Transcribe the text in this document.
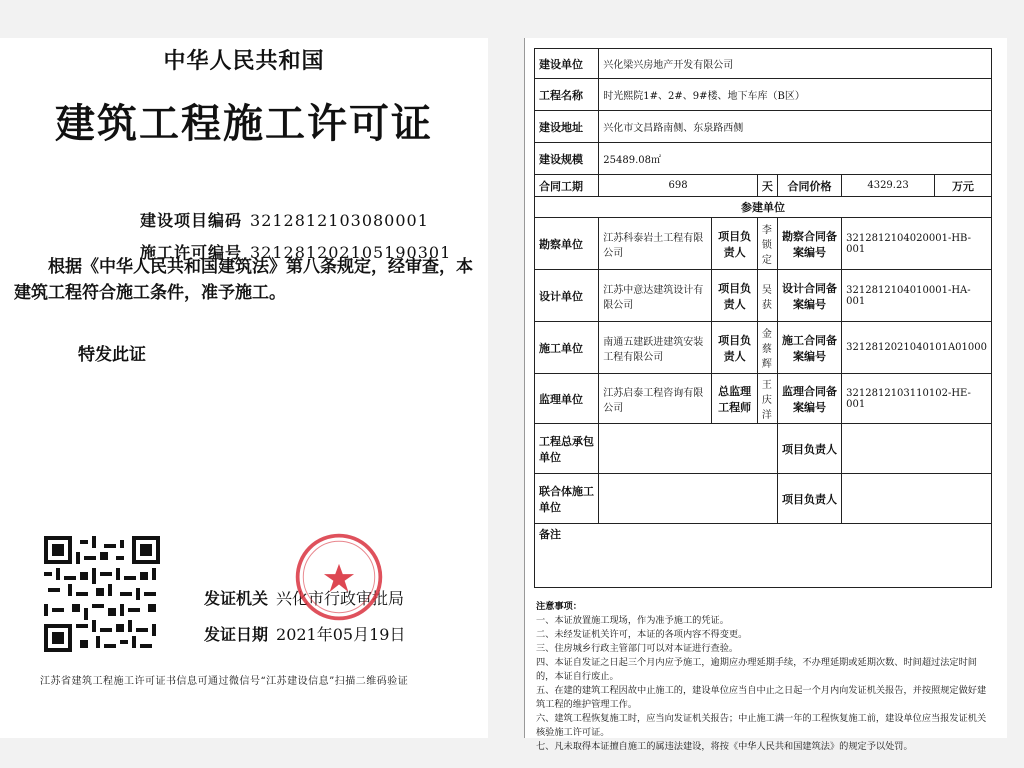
中华人民共和国
建筑工程施工许可证
建设项目编码 3212812103080001
施工许可编号 321281202105190301
根据《中华人民共和国建筑法》第八条规定，经审查，本建筑工程符合施工条件，准予施工。
特发此证
发证机关 兴化市行政审批局
发证日期 2021年05月19日
江苏省建筑工程施工许可证书信息可通过微信号“江苏建设信息”扫描二维码验证
建设单位	兴化梁兴房地产开发有限公司					
工程名称	时光熙院1#、2#、9#楼、地下车库（B区）					
建设地址	兴化市文昌路南侧、东泉路西侧					
建设规模	25489.08㎡					
合同工期	698		天	合同价格	4329.23	万元
参建单位						
勘察单位	江苏科泰岩土工程有限公司	项目负责人	李锁定	勘察合同备案编号	3212812104020001-HB-001	
设计单位	江苏中意达建筑设计有限公司	项目负责人	吴获	设计合同备案编号	3212812104010001-HA-001	
施工单位	南通五建跃进建筑安装工程有限公司	项目负责人	金蔡辉	施工合同备案编号	3212812021040101A01000	
监理单位	江苏启泰工程咨询有限公司	总监理工程师	王庆洋	监理合同备案编号	3212812103110102-HE-001	
工程总承包单位				项目负责人		
联合体施工单位				项目负责人		
备注						
注意事项：
一、本证放置施工现场，作为准予施工的凭证。
二、未经发证机关许可，本证的各项内容不得变更。
三、住房城乡行政主管部门可以对本证进行查验。
四、本证自发证之日起三个月内应予施工，逾期应办理延期手续，不办理延期或延期次数、时间超过法定时间的，本证自行废止。
五、在建的建筑工程因故中止施工的，建设单位应当自中止之日起一个月内向发证机关报告，并按照规定做好建筑工程的维护管理工作。
六、建筑工程恢复施工时，应当向发证机关报告；中止施工满一年的工程恢复施工前，建设单位应当报发证机关核验施工许可证。
七、凡未取得本证擅自施工的属违法建设，将按《中华人民共和国建筑法》的规定予以处罚。
